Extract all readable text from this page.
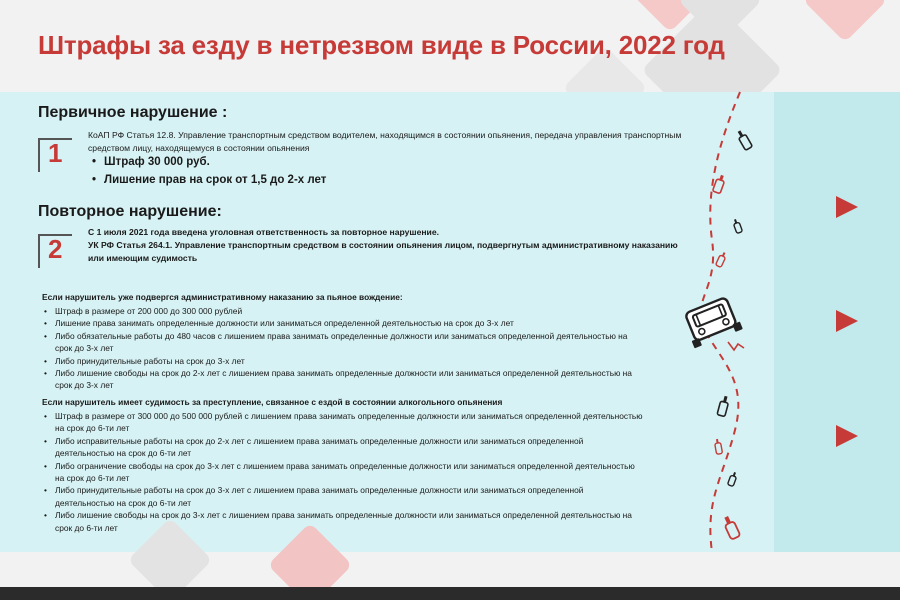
Штрафы за езду в нетрезвом виде в России, 2022 год
Первичное нарушение :
1
КоАП РФ Статья 12.8. Управление транспортным средством водителем, находящимся в состоянии опьянения, передача управления транспортным средством лицу, находящемуся в состоянии опьянения
• Штраф 30 000 руб.
• Лишение прав на срок от 1,5 до 2-х лет
Повторное нарушение:
2
С 1 июля 2021 года введена уголовная ответственность за повторное нарушение.
УК РФ Статья 264.1. Управление транспортным средством в состоянии опьянения лицом, подвергнутым административному наказанию или имеющим судимость
Если нарушитель уже подвергся административному наказанию за пьяное вождение:
• Штраф в размере от 200 000 до 300 000 рублей
• Лишение права занимать определенные должности или заниматься определенной деятельностью на срок до 3-х лет
• Либо обязательные работы до 480 часов с лишением права занимать определенные должности или заниматься определенной деятельностью на срок до 3-х лет
• Либо принудительные работы на срок до 3-х лет
• Либо лишение свободы на срок до 2-х лет с лишением права занимать определенные должности или заниматься определенной деятельностью на срок до 3-х лет
Если нарушитель имеет судимость за преступление, связанное с ездой в состоянии алкогольного опьянения
• Штраф в размере от 300 000 до 500 000 рублей с лишением права занимать определенные должности или заниматься определенной деятельностью на срок до 6-ти лет
• Либо исправительные работы на срок до 2-х лет с лишением права занимать определенные должности или заниматься определенной деятельностью на срок до 6-ти лет
• Либо ограничение свободы на срок до 3-х лет с лишением права занимать определенные должности или заниматься определенной деятельностью на срок до 6-ти лет
• Либо принудительные работы на срок до 3-х лет с лишением права занимать определенные должности или заниматься определенной деятельностью на срок до 6-ти лет
• Либо лишение свободы на срок до 3-х лет с лишением права занимать определенные должности или заниматься определенной деятельностью на срок до 6-ти лет
